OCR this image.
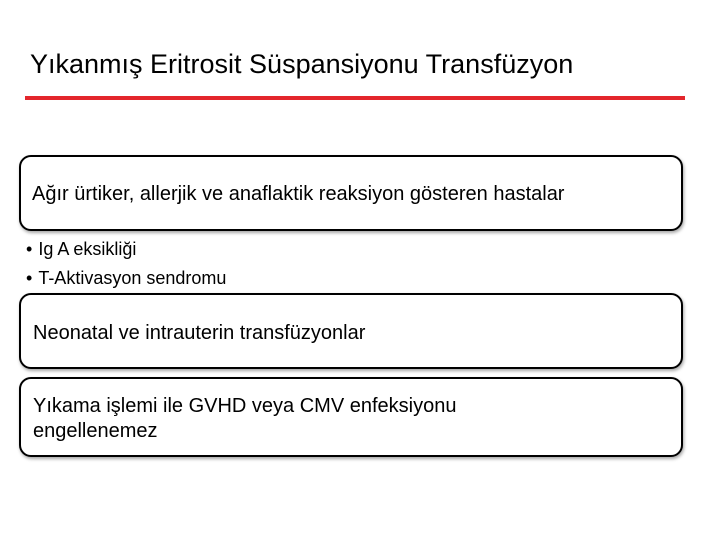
Yıkanmış Eritrosit Süspansiyonu Transfüzyon
Ağır ürtiker, allerjik ve anaflaktik reaksiyon gösteren hastalar
• Ig A eksikliği
• T-Aktivasyon sendromu
Neonatal ve intrauterin transfüzyonlar
Yıkama işlemi ile GVHD veya CMV enfeksiyonu engellenemez
